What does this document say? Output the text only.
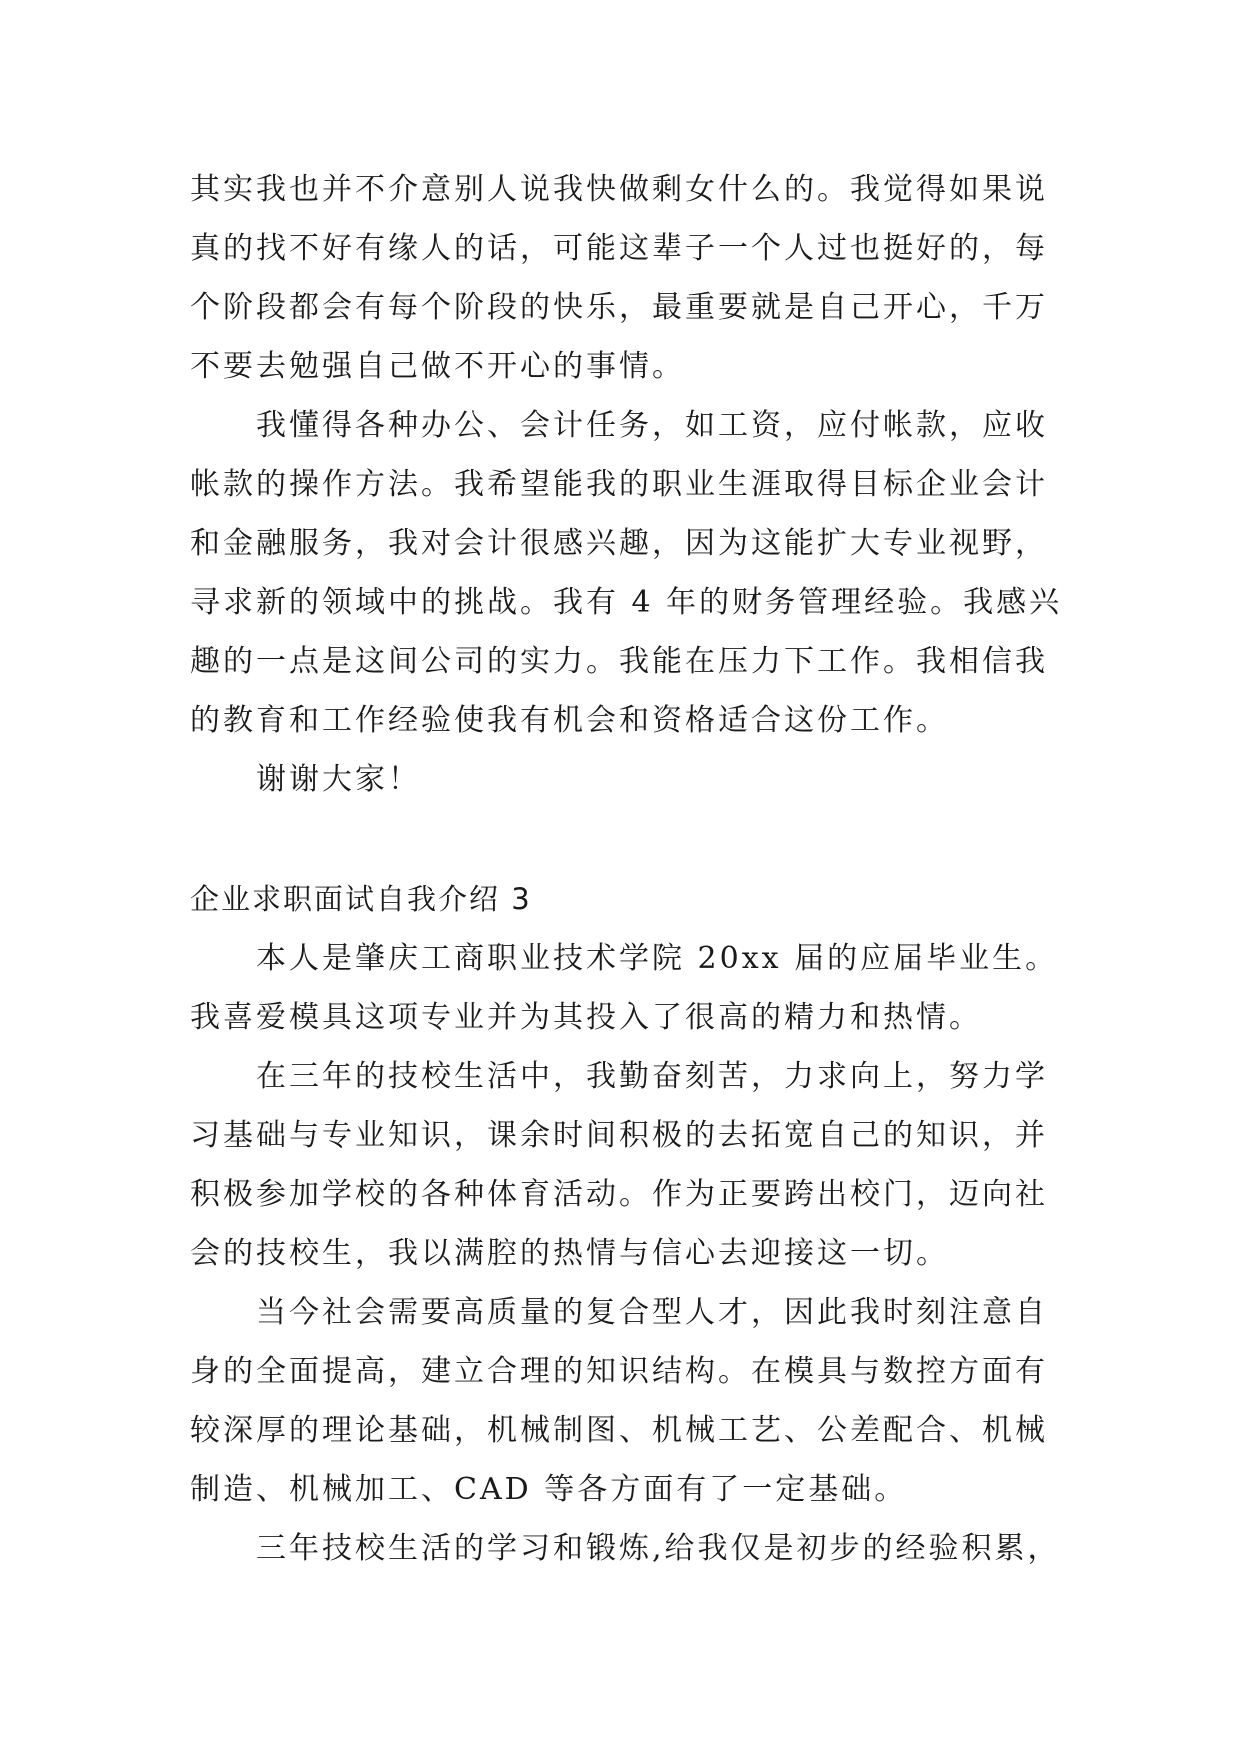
其实我也并不介意别人说我快做剩女什么的。我觉得如果说
真的找不好有缘人的话，可能这辈子一个人过也挺好的，每
个阶段都会有每个阶段的快乐，最重要就是自己开心，千万
不要去勉强自己做不开心的事情。
我懂得各种办公、会计任务，如工资，应付帐款，应收
帐款的操作方法。我希望能我的职业生涯取得目标企业会计
和金融服务，我对会计很感兴趣，因为这能扩大专业视野，
寻求新的领域中的挑战。我有 4 年的财务管理经验。我感兴
趣的一点是这间公司的实力。我能在压力下工作。我相信我
的教育和工作经验使我有机会和资格适合这份工作。
谢谢大家！
企业求职面试自我介绍 3
本人是肇庆工商职业技术学院 20xx 届的应届毕业生。
我喜爱模具这项专业并为其投入了很高的精力和热情。
在三年的技校生活中，我勤奋刻苦，力求向上，努力学
习基础与专业知识，课余时间积极的去拓宽自己的知识，并
积极参加学校的各种体育活动。作为正要跨出校门，迈向社
会的技校生，我以满腔的热情与信心去迎接这一切。
当今社会需要高质量的复合型人才，因此我时刻注意自
身的全面提高，建立合理的知识结构。在模具与数控方面有
较深厚的理论基础，机械制图、机械工艺、公差配合、机械
制造、机械加工、CAD 等各方面有了一定基础。
三年技校生活的学习和锻炼,给我仅是初步的经验积累，
